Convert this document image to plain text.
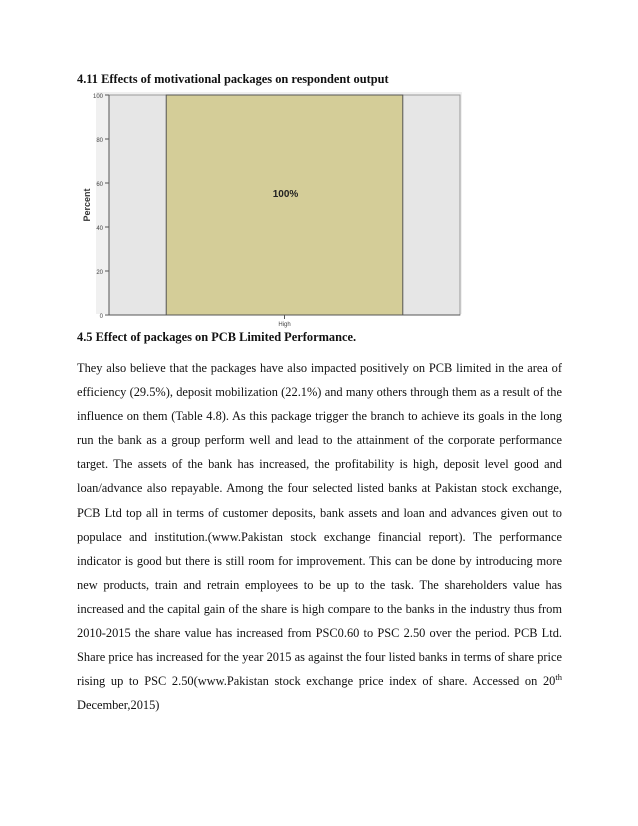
4.11 Effects of motivational packages on respondent output

0
20
40
60
80
100
100%
High
Percent

4.5 Effect of packages on PCB Limited Performance.

They also believe that the packages have also impacted positively on PCB limited in the area of efficiency (29.5%), deposit mobilization (22.1%) and many others through them as a result of the influence on them (Table 4.8). As this package trigger the branch to achieve its goals in the long run the bank as a group perform well and lead to the attainment of the corporate performance target. The assets of the bank has increased, the profitability is high, deposit level good and loan/advance also repayable. Among the four selected listed banks at Pakistan stock exchange, PCB Ltd top all in terms of customer deposits, bank assets and loan and advances given out to populace and institution.(www.Pakistan stock exchange financial report). The performance indicator is good but there is still room for improvement. This can be done by introducing more new products, train and retrain employees to be up to the task. The shareholders value has increased and the capital gain of the share is high compare to the banks in the industry thus from 2010-2015 the share value has increased from PSC0.60 to PSC 2.50 over the period. PCB Ltd. Share price has increased for the year 2015 as against the four listed banks in terms of share price rising up to PSC 2.50(www.Pakistan stock exchange price index of share. Accessed on 20th December,2015)
